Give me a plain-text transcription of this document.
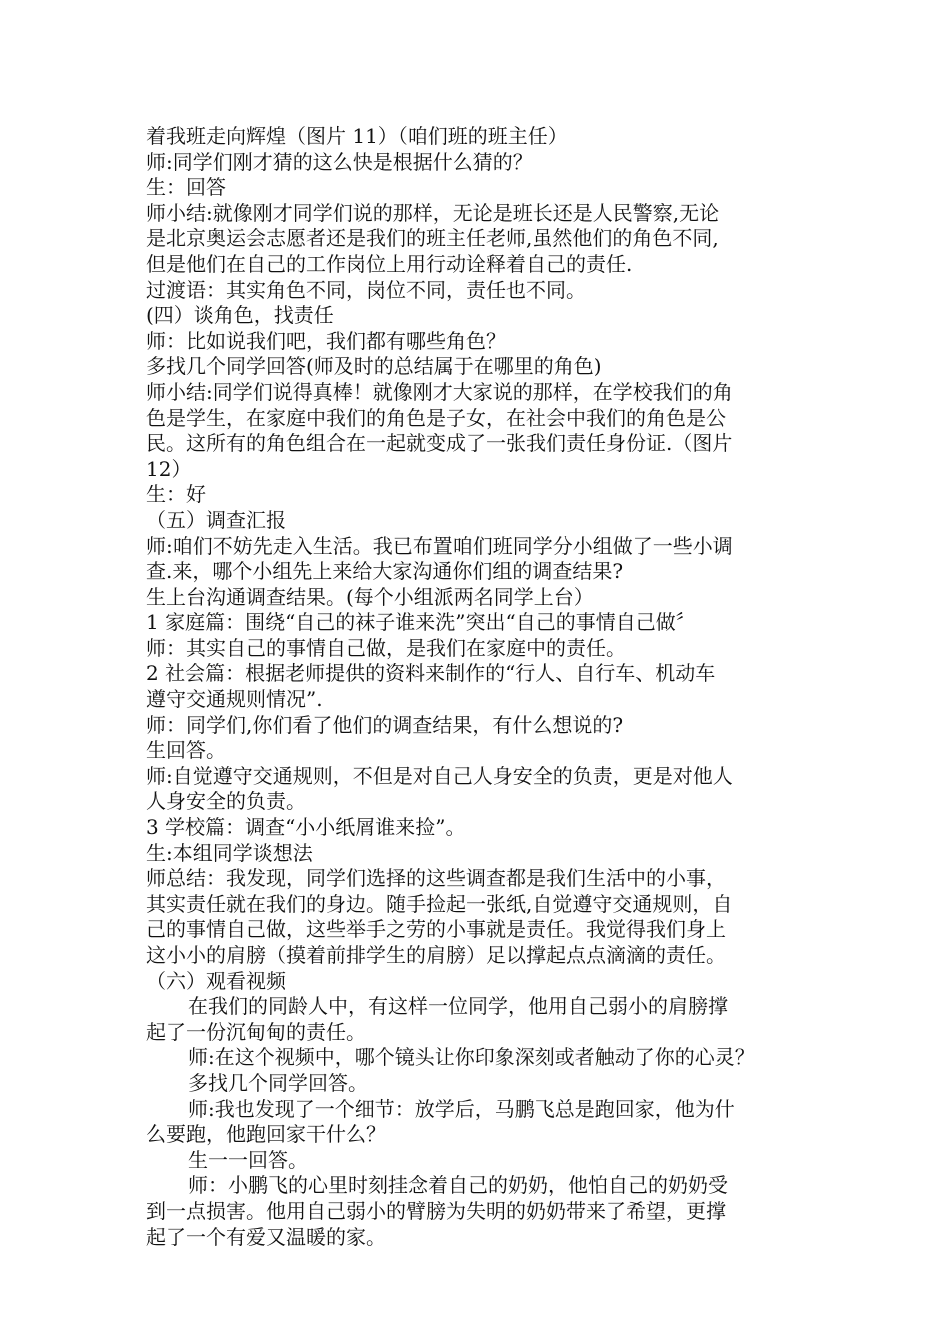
着我班走向辉煌（图片 11）（咱们班的班主任）
师:同学们刚才猜的这么快是根据什么猜的？
生：回答
师小结:就像刚才同学们说的那样，无论是班长还是人民警察,无论
是北京奥运会志愿者还是我们的班主任老师,虽然他们的角色不同,
但是他们在自己的工作岗位上用行动诠释着自己的责任.
过渡语：其实角色不同，岗位不同，责任也不同。
(四）谈角色，找责任
师：比如说我们吧，我们都有哪些角色？
多找几个同学回答(师及时的总结属于在哪里的角色)
师小结:同学们说得真棒！就像刚才大家说的那样，在学校我们的角
色是学生，在家庭中我们的角色是子女，在社会中我们的角色是公
民。这所有的角色组合在一起就变成了一张我们责任身份证.（图片
12）
生：好
（五）调查汇报
师:咱们不妨先走入生活。我已布置咱们班同学分小组做了一些小调
查.来，哪个小组先上来给大家沟通你们组的调查结果?
生上台沟通调查结果。(每个小组派两名同学上台）
1 家庭篇：围绕“自己的袜子谁来洗”突出“自己的事情自己做〞
师：其实自己的事情自己做，是我们在家庭中的责任。
2 社会篇：根据老师提供的资料来制作的“行人、自行车、机动车
遵守交通规则情况”.
师：同学们,你们看了他们的调查结果，有什么想说的?
生回答。
师:自觉遵守交通规则，不但是对自己人身安全的负责，更是对他人
人身安全的负责。
3 学校篇：调查“小小纸屑谁来捡”。
生:本组同学谈想法
师总结：我发现，同学们选择的这些调查都是我们生活中的小事，
其实责任就在我们的身边。随手捡起一张纸,自觉遵守交通规则，自
己的事情自己做，这些举手之劳的小事就是责任。我觉得我们身上
这小小的肩膀（摸着前排学生的肩膀）足以撑起点点滴滴的责任。
（六）观看视频
在我们的同龄人中，有这样一位同学，他用自己弱小的肩膀撑
起了一份沉甸甸的责任。
师:在这个视频中，哪个镜头让你印象深刻或者触动了你的心灵？
多找几个同学回答。
师:我也发现了一个细节：放学后，马鹏飞总是跑回家，他为什
么要跑，他跑回家干什么？
生一一回答。
师：小鹏飞的心里时刻挂念着自己的奶奶，他怕自己的奶奶受
到一点损害。他用自己弱小的臂膀为失明的奶奶带来了希望，更撑
起了一个有爱又温暖的家。
